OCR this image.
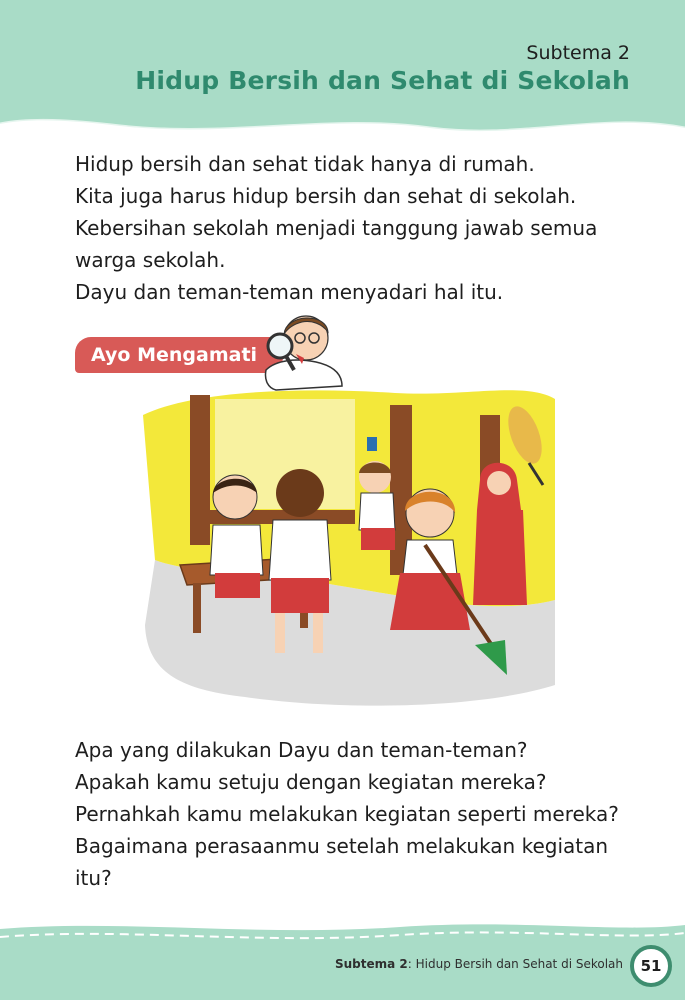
Subtema 2
Hidup Bersih dan Sehat di Sekolah

Hidup bersih dan sehat tidak hanya di rumah.

Kita juga harus hidup bersih dan sehat di sekolah.

Kebersihan sekolah menjadi tanggung jawab semua warga sekolah.

Dayu dan teman-teman menyadari hal itu.

Ayo Mengamati

Apa yang dilakukan Dayu dan teman-teman?

Apakah kamu setuju dengan kegiatan mereka?

Pernahkah kamu melakukan kegiatan seperti mereka?

Bagaimana perasaanmu setelah melakukan kegiatan itu?

Subtema 2: Hidup Bersih dan Sehat di Sekolah	51
